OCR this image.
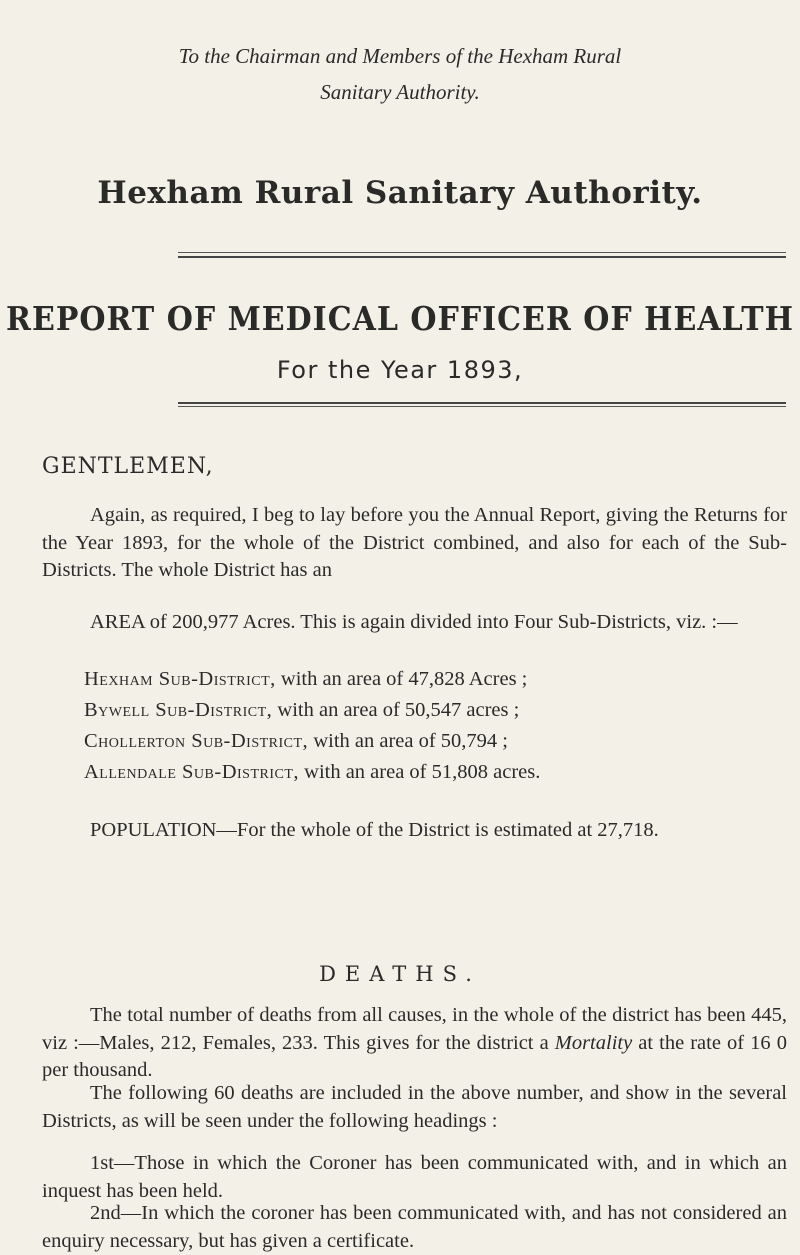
To the Chairman and Members of the Hexham Rural
Sanitary Authority.
Hexham Rural Sanitary Authority.
REPORT OF MEDICAL OFFICER OF HEALTH
For the Year 1893,
GENTLEMEN,
Again, as required, I beg to lay before you the Annual Report, giving the Returns for the Year 1893, for the whole of the District combined, and also for each of the Sub-Districts. The whole District has an
AREA of 200,977 Acres. This is again divided into Four Sub-Districts, viz. :—
Hexham Sub-District, with an area of 47,828 Acres ;
Bywell Sub-District, with an area of 50,547 acres ;
Chollerton Sub-District, with an area of 50,794 ;
Allendale Sub-District, with an area of 51,808 acres.
POPULATION—For the whole of the District is estimated at 27,718.
DEATHS.
The total number of deaths from all causes, in the whole of the district has been 445, viz :—Males, 212, Females, 233. This gives for the district a Mortality at the rate of 16 0 per thousand.
The following 60 deaths are included in the above number, and show in the several Districts, as will be seen under the following headings :
1st—Those in which the Coroner has been communicated with, and in which an inquest has been held.
2nd—In which the coroner has been communicated with, and has not considered an enquiry necessary, but has given a certificate.
